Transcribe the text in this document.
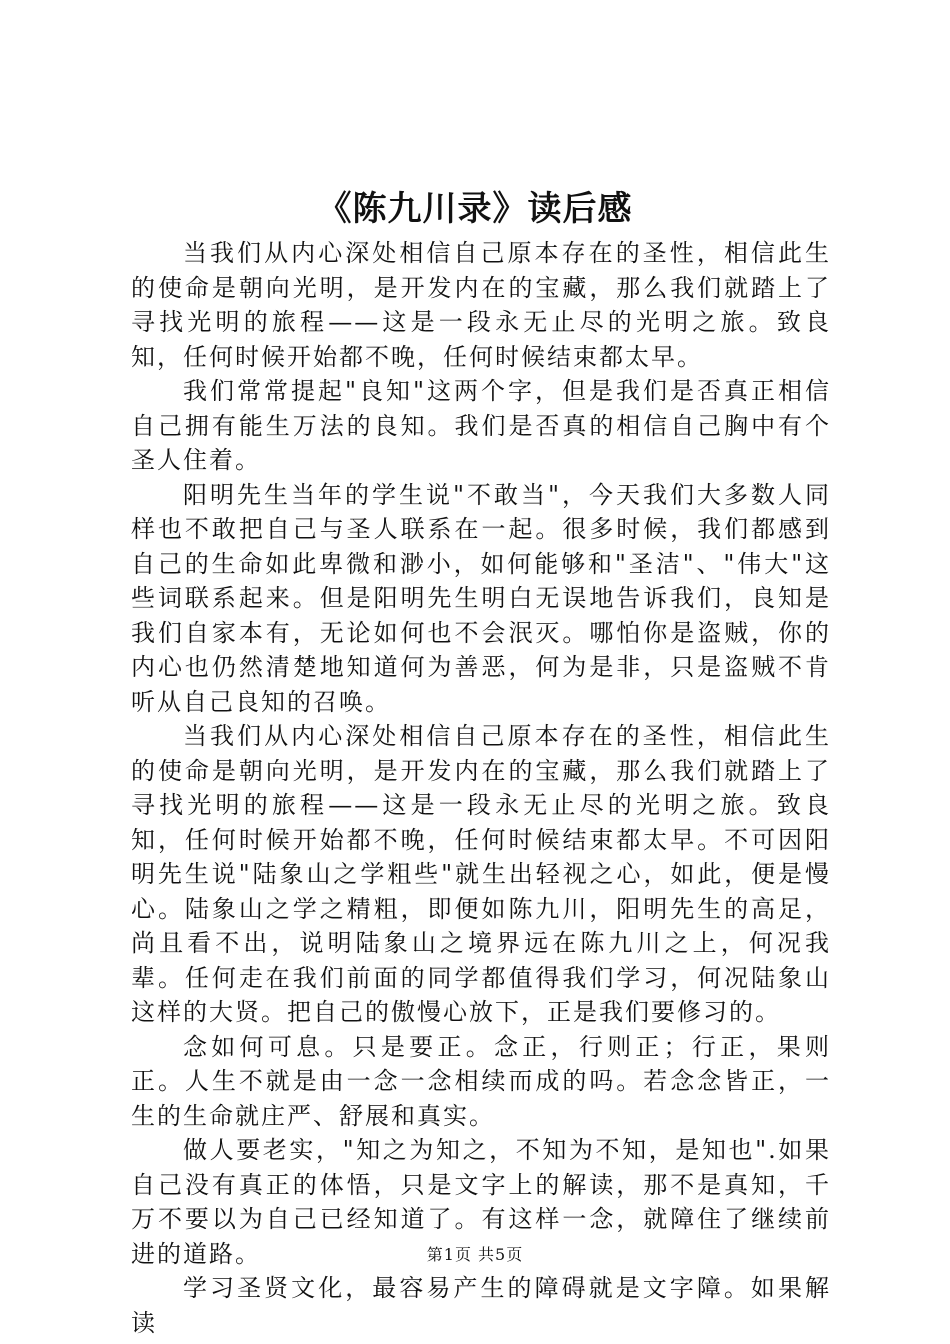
《陈九川录》读后感

当我们从内心深处相信自己原本存在的圣性，相信此生的使命是朝向光明，是开发内在的宝藏，那么我们就踏上了寻找光明的旅程——这是一段永无止尽的光明之旅。致良知，任何时候开始都不晚，任何时候结束都太早。

我们常常提起"良知"这两个字，但是我们是否真正相信自己拥有能生万法的良知。我们是否真的相信自己胸中有个圣人住着。

阳明先生当年的学生说"不敢当"，今天我们大多数人同样也不敢把自己与圣人联系在一起。很多时候，我们都感到自己的生命如此卑微和渺小，如何能够和"圣洁"、"伟大"这些词联系起来。但是阳明先生明白无误地告诉我们，良知是我们自家本有，无论如何也不会泯灭。哪怕你是盗贼，你的内心也仍然清楚地知道何为善恶，何为是非，只是盗贼不肯听从自己良知的召唤。

当我们从内心深处相信自己原本存在的圣性，相信此生的使命是朝向光明，是开发内在的宝藏，那么我们就踏上了寻找光明的旅程——这是一段永无止尽的光明之旅。致良知，任何时候开始都不晚，任何时候结束都太早。不可因阳明先生说"陆象山之学粗些"就生出轻视之心，如此，便是慢心。陆象山之学之精粗，即便如陈九川，阳明先生的高足，尚且看不出，说明陆象山之境界远在陈九川之上，何况我辈。任何走在我们前面的同学都值得我们学习，何况陆象山这样的大贤。把自己的傲慢心放下，正是我们要修习的。

念如何可息。只是要正。念正，行则正；行正，果则正。人生不就是由一念一念相续而成的吗。若念念皆正，一生的生命就庄严、舒展和真实。

做人要老实，"知之为知之，不知为不知，是知也".如果自己没有真正的体悟，只是文字上的解读，那不是真知，千万不要以为自己已经知道了。有这样一念，就障住了继续前进的道路。

学习圣贤文化，最容易产生的障碍就是文字障。如果解读

第1页 共5页
